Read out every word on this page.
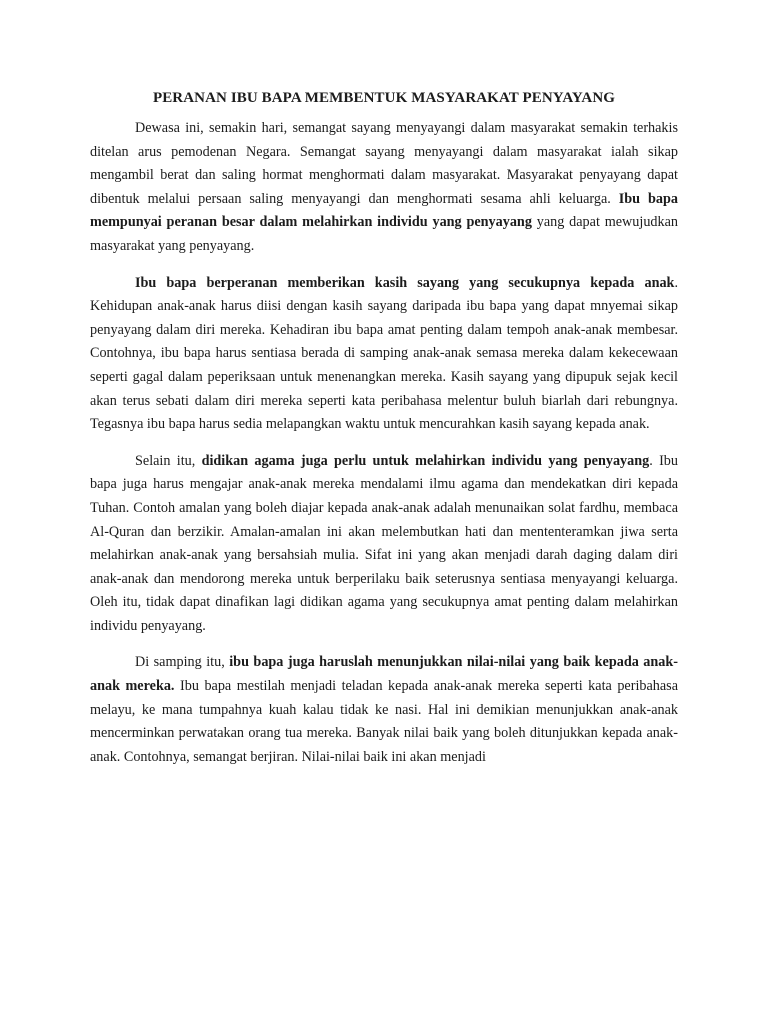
PERANAN IBU BAPA MEMBENTUK MASYARAKAT PENYAYANG

Dewasa ini, semakin hari, semangat sayang menyayangi dalam masyarakat semakin terhakis ditelan arus pemodenan Negara. Semangat sayang menyayangi dalam masyarakat ialah sikap mengambil berat dan saling hormat menghormati dalam masyarakat. Masyarakat penyayang dapat dibentuk melalui persaan saling menyayangi dan menghormati sesama ahli keluarga. Ibu bapa mempunyai peranan besar dalam melahirkan individu yang penyayang yang dapat mewujudkan masyarakat yang penyayang.

Ibu bapa berperanan memberikan kasih sayang yang secukupnya kepada anak. Kehidupan anak-anak harus diisi dengan kasih sayang daripada ibu bapa yang dapat mnyemai sikap penyayang dalam diri mereka. Kehadiran ibu bapa amat penting dalam tempoh anak-anak membesar. Contohnya, ibu bapa harus sentiasa berada di samping anak-anak semasa mereka dalam kekecewaan seperti gagal dalam peperiksaan untuk menenangkan mereka. Kasih sayang yang dipupuk sejak kecil akan terus sebati dalam diri mereka seperti kata peribahasa melentur buluh biarlah dari rebungnya. Tegasnya ibu bapa harus sedia melapangkan waktu untuk mencurahkan kasih sayang kepada anak.

Selain itu, didikan agama juga perlu untuk melahirkan individu yang penyayang. Ibu bapa juga harus mengajar anak-anak mereka mendalami ilmu agama dan mendekatkan diri kepada Tuhan. Contoh amalan yang boleh diajar kepada anak-anak adalah menunaikan solat fardhu, membaca Al-Quran dan berzikir. Amalan-amalan ini akan melembutkan hati dan mententeramkan jiwa serta melahirkan anak-anak yang bersahsiah mulia. Sifat ini yang akan menjadi darah daging dalam diri anak-anak dan mendorong mereka untuk berperilaku baik seterusnya sentiasa menyayangi keluarga. Oleh itu, tidak dapat dinafikan lagi didikan agama yang secukupnya amat penting dalam melahirkan individu penyayang.

Di samping itu, ibu bapa juga haruslah menunjukkan nilai-nilai yang baik kepada anak-anak mereka. Ibu bapa mestilah menjadi teladan kepada anak-anak mereka seperti kata peribahasa melayu, ke mana tumpahnya kuah kalau tidak ke nasi. Hal ini demikian menunjukkan anak-anak mencerminkan perwatakan orang tua mereka. Banyak nilai baik yang boleh ditunjukkan kepada anak-anak. Contohnya, semangat berjiran. Nilai-nilai baik ini akan menjadi
